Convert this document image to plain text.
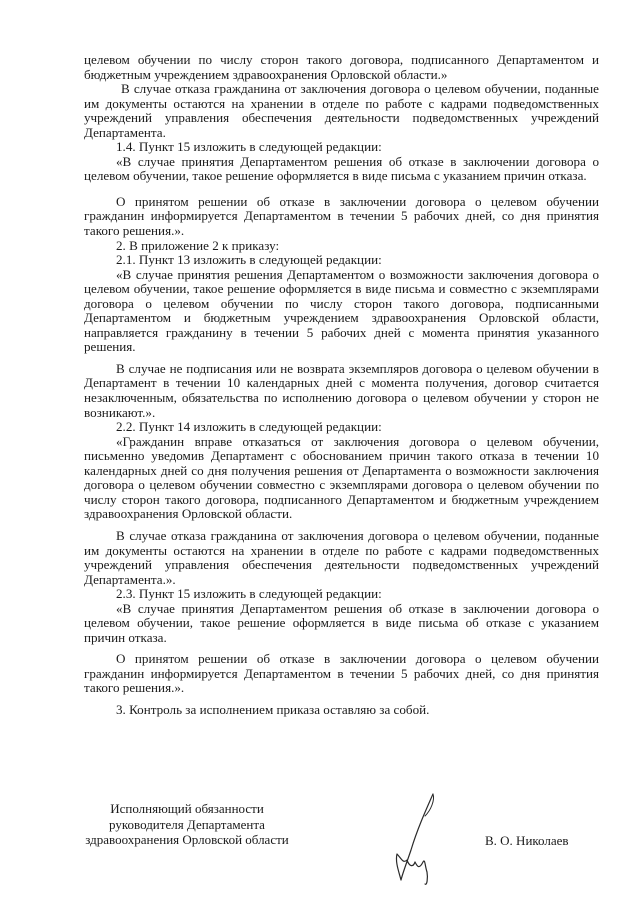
целевом обучении по числу сторон такого договора, подписанного Департаментом и бюджетным учреждением здравоохранения Орловской области.»

В случае отказа гражданина от заключения договора о целевом обучении, поданные им документы остаются на хранении в отделе по работе с кадрами подведомственных учреждений управления обеспечения деятельности подведомственных учреждений Департамента.

1.4. Пункт 15 изложить в следующей редакции:

«В случае принятия Департаментом решения об отказе в заключении договора о целевом обучении, такое решение оформляется в виде письма с указанием причин отказа.

О принятом решении об отказе в заключении договора о целевом обучении гражданин информируется Департаментом в течении 5 рабочих дней, со дня принятия такого решения.».

2. В приложение 2 к приказу:

2.1. Пункт 13 изложить в следующей редакции:

«В случае принятия решения Департаментом о возможности заключения договора о целевом обучении, такое решение оформляется в виде письма и совместно с экземплярами договора о целевом обучении по числу сторон такого договора, подписанными Департаментом и бюджетным учреждением здравоохранения Орловской области, направляется гражданину в течении 5 рабочих дней с момента принятия указанного решения.

В случае не подписания или не возврата экземпляров договора о целевом обучении в Департамент в течении 10 календарных дней с момента получения, договор считается незаключенным, обязательства по исполнению договора о целевом обучении у сторон не возникают.».

2.2. Пункт 14 изложить в следующей редакции:

«Гражданин вправе отказаться от заключения договора о целевом обучении, письменно уведомив Департамент с обоснованием причин такого отказа в течении 10 календарных дней со дня получения решения от Департамента о возможности заключения договора о целевом обучении совместно с экземплярами договора о целевом обучении по числу сторон такого договора, подписанного Департаментом и бюджетным учреждением здравоохранения Орловской области.

В случае отказа гражданина от заключения договора о целевом обучении, поданные им документы остаются на хранении в отделе по работе с кадрами подведомственных учреждений управления обеспечения деятельности подведомственных учреждений Департамента.».

2.3. Пункт 15 изложить в следующей редакции:

«В случае принятия Департаментом решения об отказе в заключении договора о целевом обучении, такое решение оформляется в виде письма об отказе с указанием причин отказа.

О принятом решении об отказе в заключении договора о целевом обучении гражданин информируется Департаментом в течении 5 рабочих дней, со дня принятия такого решения.».

3. Контроль за исполнением приказа оставляю за собой.

Исполняющий обязанности
руководителя Департамента
здравоохранения Орловской области	В. О. Николаев
